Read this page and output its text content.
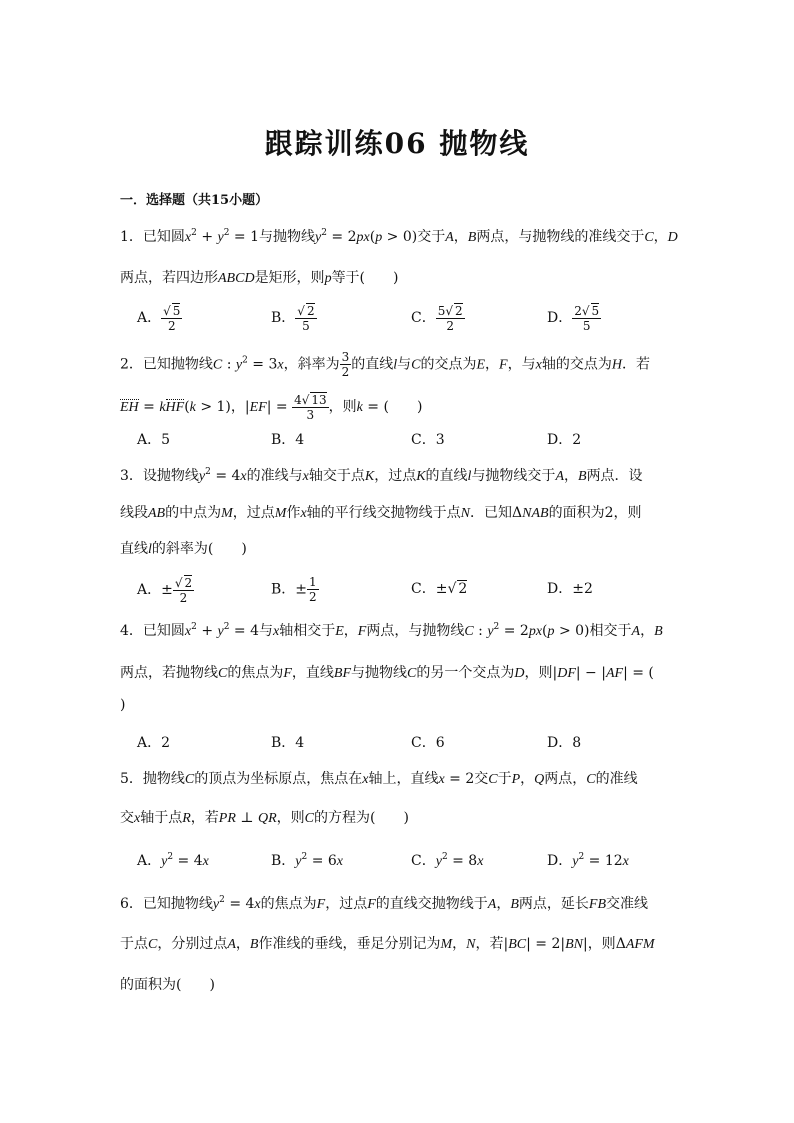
跟踪训练06 抛物线
一．选择题（共15小题）
1．已知圆$x^2 + y^2 = 1$与抛物线$y^2 = 2px(p > 0)$交于A，B两点，与抛物线的准线交于C，D
两点，若四边形ABCD是矩形，则p等于(　　)
A． $\frac{√ 5}{2}$	B． $\frac{√ 2}{5}$	C． $\frac{5√ 2}{2}$	D． $\frac{2√ 5}{5}$
2．已知抛物线C : $y^2 = 3x$，斜率为 $\frac{3}{2}$ 的直线l与C的交点为E，F，与x轴的交点为H．若
EH = kHF(k > 1)，$|EF| = \frac{4√ 13}{3}$ ，则k = (　　)
A．5	B．4	C．3	D．2
3．设抛物线$y^2 = 4x$的准线与x轴交于点K，过点K的直线l与抛物线交于A，B两点．设
线段AB的中点为M，过点M作x轴的平行线交抛物线于点N．已知ΔNAB的面积为2，则
直线l的斜率为(　　)
A．± $\frac{√ 2}{2}$	B．± $\frac{1}{2}$	C．±√ 2	D．±2
4．已知圆$x^2 + y^2 = 4$与x轴相交于E，F两点，与抛物线C : $y^2 = 2px(p > 0)$相交于A，B
两点，若抛物线C的焦点为F，直线BF与抛物线C的另一个交点为D，则|DF| − |AF| = (
)
A．2	B．4	C．6	D．8
5．抛物线C的顶点为坐标原点，焦点在x轴上，直线x = 2交C于P，Q两点，C的准线
交x轴于点R，若PR ⊥ QR，则C的方程为(　　)
A．$y^2 = 4x$	B．$y^2 = 6x$	C．$y^2 = 8x$	D．$y^2 = 12x$
6．已知抛物线$y^2 = 4x$的焦点为F，过点F的直线交抛物线于A，B两点，延长FB交准线
于点C，分别过点A，B作准线的垂线，垂足分别记为M，N，若|BC| = 2|BN|，则ΔAFM
的面积为(　　)
